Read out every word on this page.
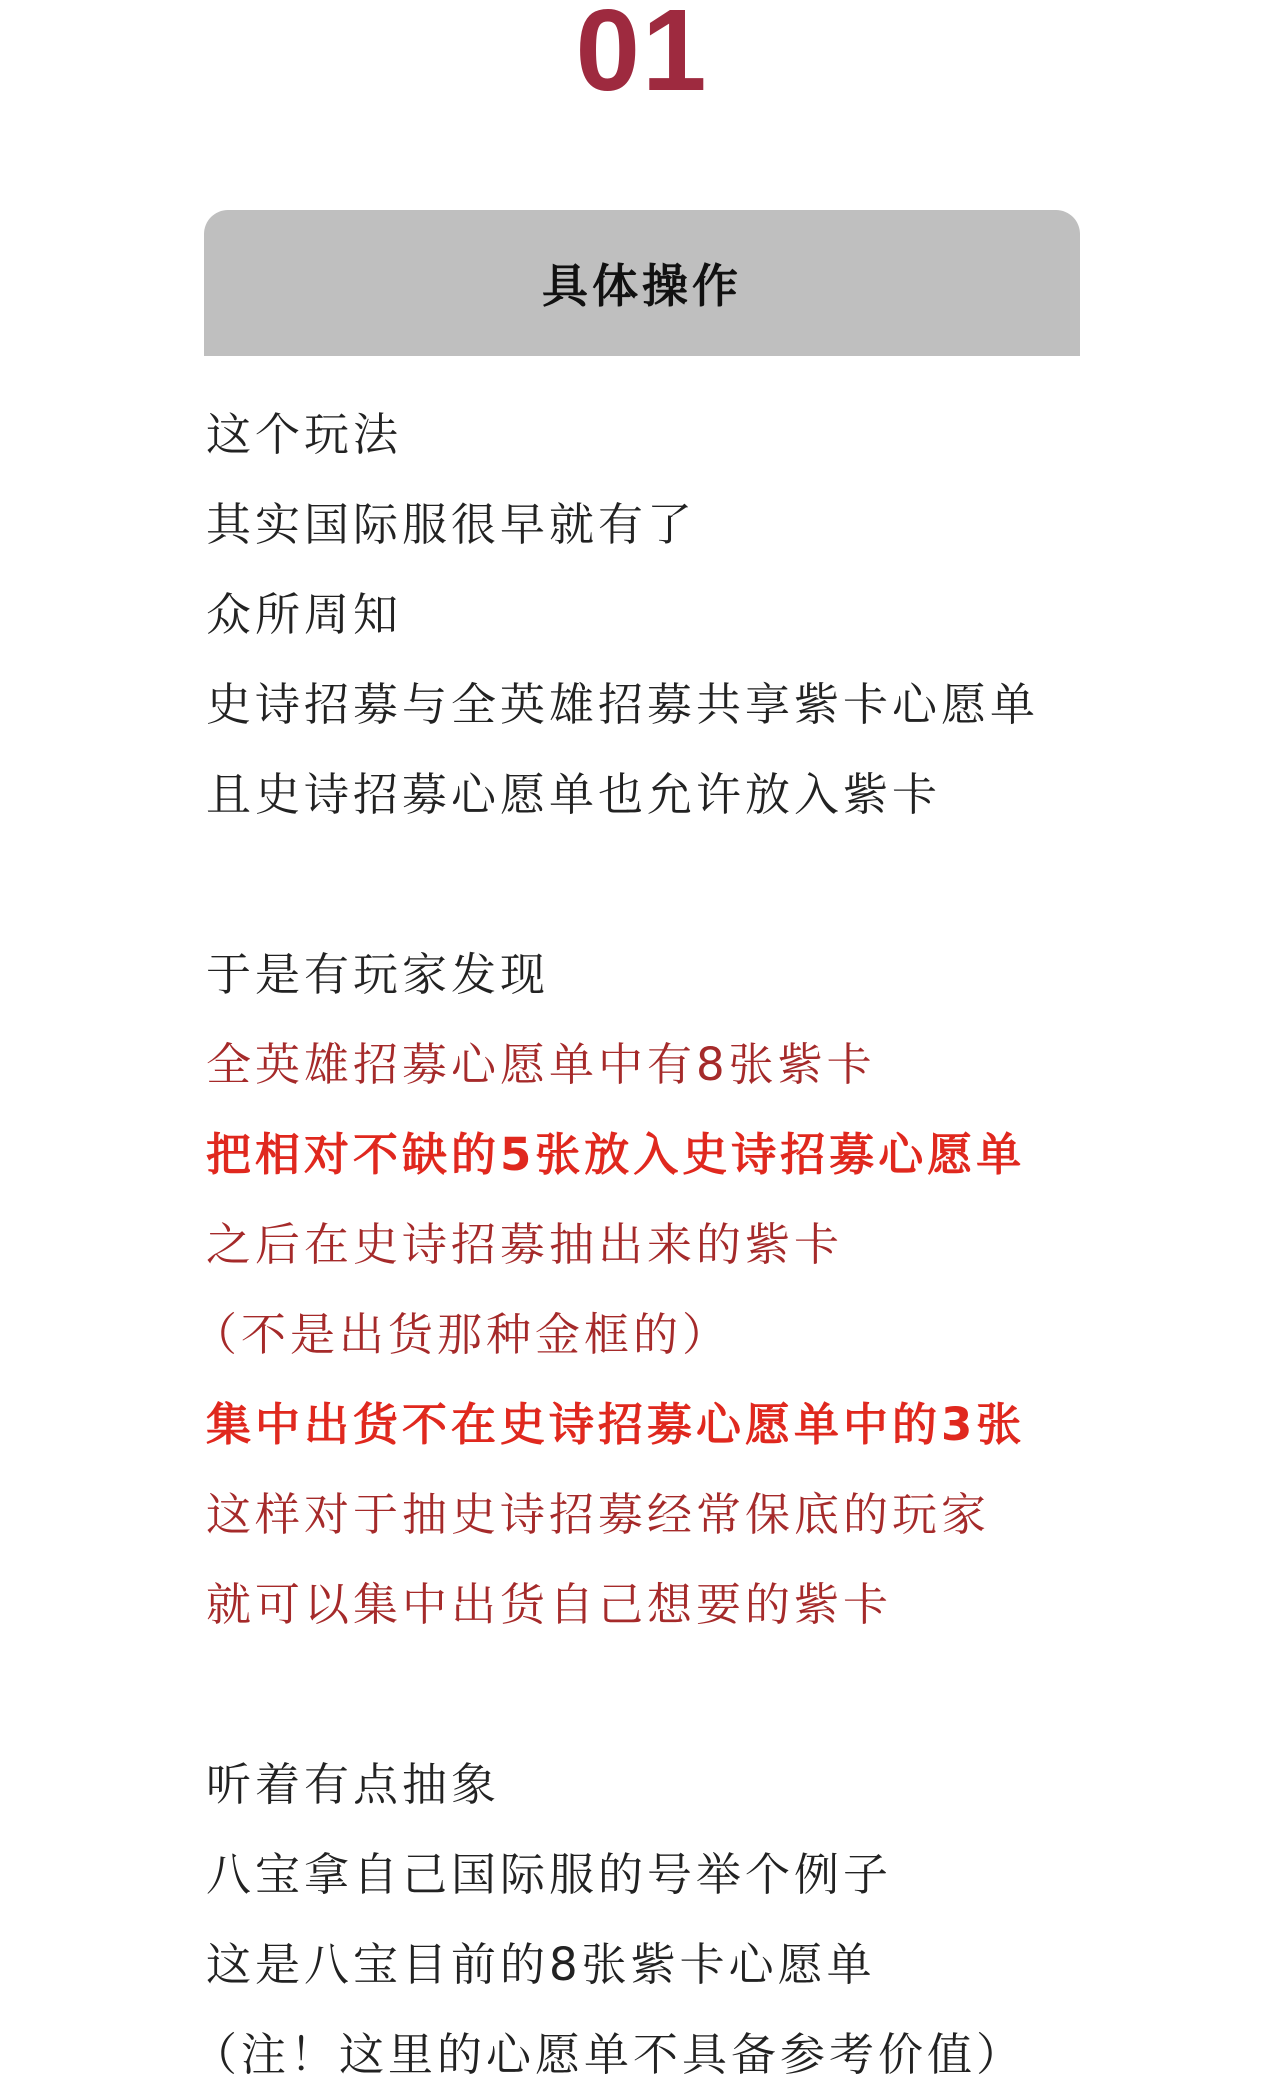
01
具体操作
这个玩法
其实国际服很早就有了
众所周知
史诗招募与全英雄招募共享紫卡心愿单
且史诗招募心愿单也允许放入紫卡
于是有玩家发现
全英雄招募心愿单中有8张紫卡
把相对不缺的5张放入史诗招募心愿单
之后在史诗招募抽出来的紫卡
（不是出货那种金框的）
集中出货不在史诗招募心愿单中的3张
这样对于抽史诗招募经常保底的玩家
就可以集中出货自己想要的紫卡
听着有点抽象
八宝拿自己国际服的号举个例子
这是八宝目前的8张紫卡心愿单
（注！这里的心愿单不具备参考价值）
